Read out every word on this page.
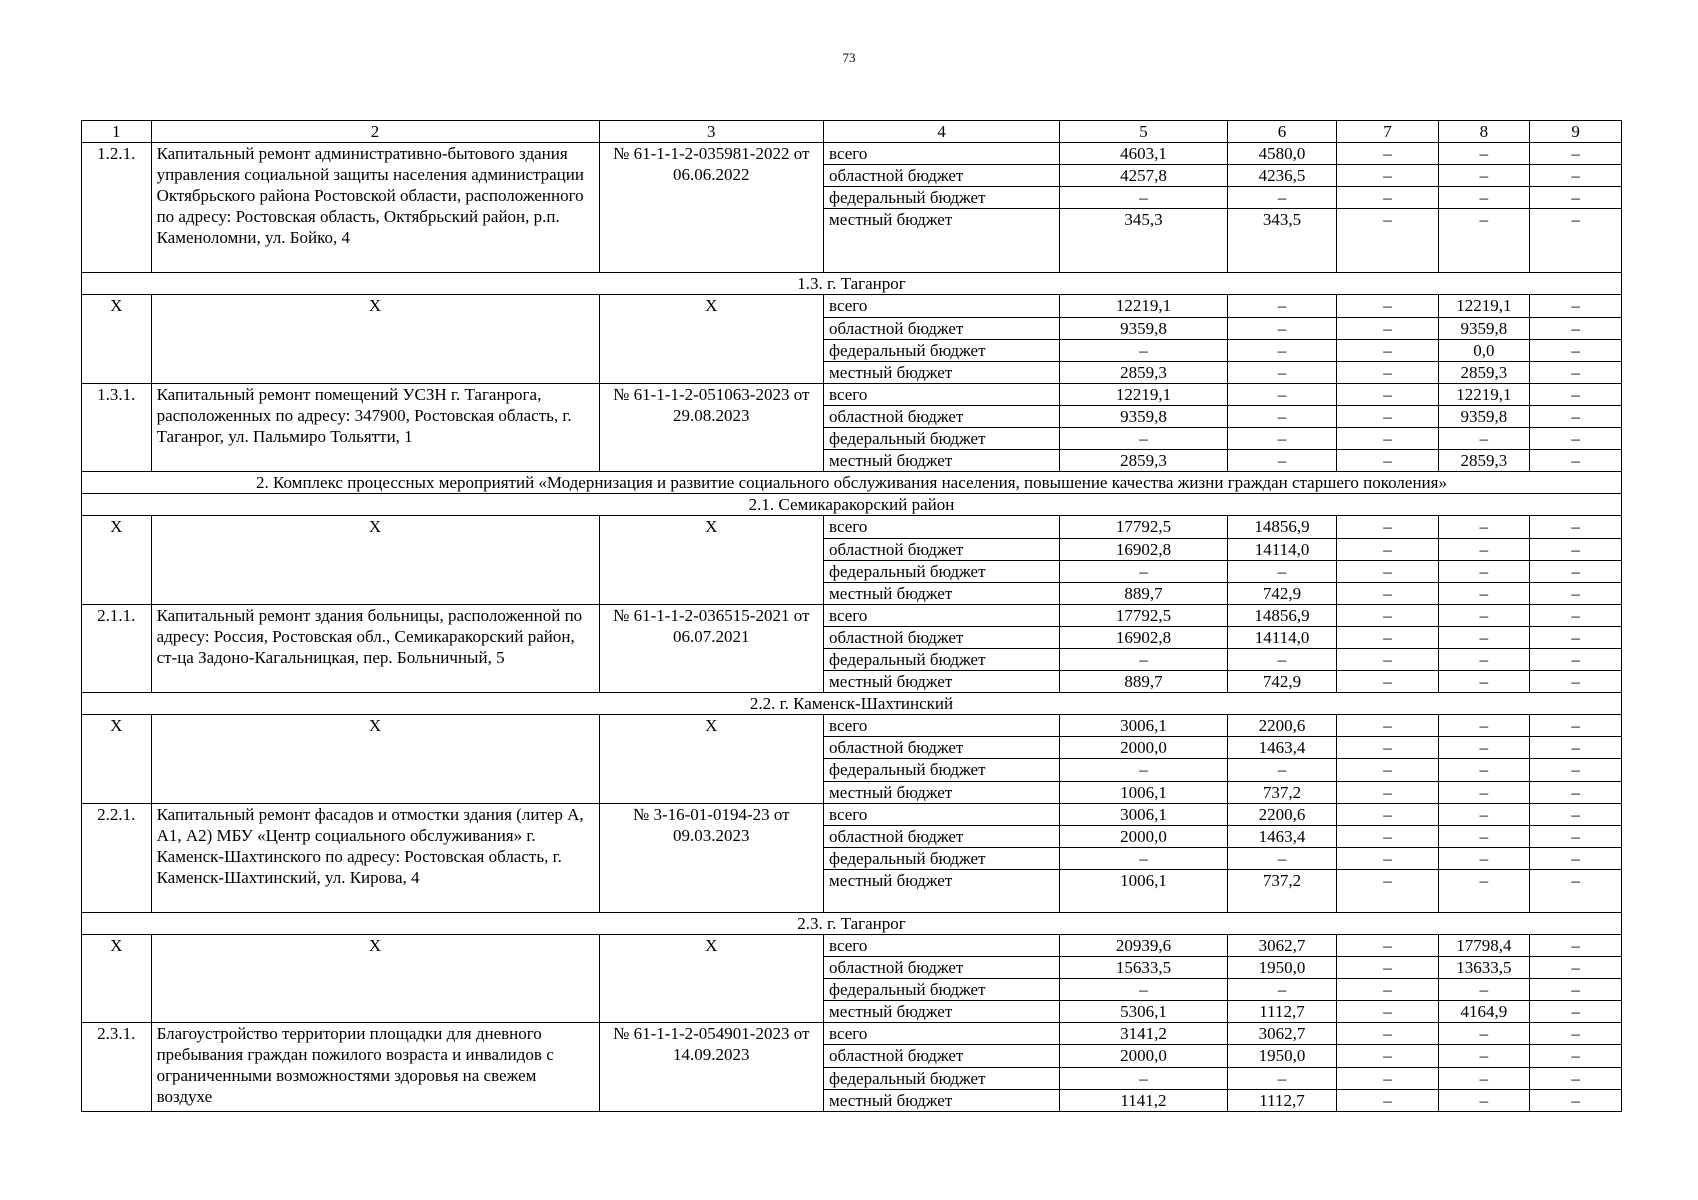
73
1	2	3	4	5	6	7	8	9
1.2.1.	Капитальный ремонт административно-бытового здания управления социальной защиты населения администрации Октябрьского района Ростовской области, расположенного по адресу: Ростовская область, Октябрьский район, р.п. Каменоломни, ул. Бойко, 4	№ 61-1-1-2-035981-2022 от 06.06.2022	всего	4603,1	4580,0	–	–	–
			областной бюджет	4257,8	4236,5	–	–	–
			федеральный бюджет	–	–	–	–	–
			местный бюджет	345,3	343,5	–	–	–
1.3. г. Таганрог								
Х	Х	Х	всего	12219,1	–	–	12219,1	–
			областной бюджет	9359,8	–	–	9359,8	–
			федеральный бюджет	–	–	–	0,0	–
			местный бюджет	2859,3	–	–	2859,3	–
1.3.1.	Капитальный ремонт помещений УСЗН г. Таганрога, расположенных по адресу: 347900, Ростовская область, г. Таганрог, ул. Пальмиро Тольятти, 1	№ 61-1-1-2-051063-2023 от 29.08.2023	всего	12219,1	–	–	12219,1	–
			областной бюджет	9359,8	–	–	9359,8	–
			федеральный бюджет	–	–	–	–	–
			местный бюджет	2859,3	–	–	2859,3	–
2. Комплекс процессных мероприятий «Модернизация и развитие социального обслуживания населения, повышение качества жизни граждан старшего поколения»								
2.1. Семикаракорский район								
Х	Х	Х	всего	17792,5	14856,9	–	–	–
			областной бюджет	16902,8	14114,0	–	–	–
			федеральный бюджет	–	–	–	–	–
			местный бюджет	889,7	742,9	–	–	–
2.1.1.	Капитальный ремонт здания больницы, расположенной по адресу: Россия, Ростовская обл., Семикаракорский район, ст-ца Задоно-Кагальницкая, пер. Больничный, 5	№ 61-1-1-2-036515-2021 от 06.07.2021	всего	17792,5	14856,9	–	–	–
			областной бюджет	16902,8	14114,0	–	–	–
			федеральный бюджет	–	–	–	–	–
			местный бюджет	889,7	742,9	–	–	–
2.2. г. Каменск-Шахтинский								
Х	Х	Х	всего	3006,1	2200,6	–	–	–
			областной бюджет	2000,0	1463,4	–	–	–
			федеральный бюджет	–	–	–	–	–
			местный бюджет	1006,1	737,2	–	–	–
2.2.1.	Капитальный ремонт фасадов и отмостки здания (литер А, А1, А2) МБУ «Центр социального обслуживания» г. Каменск-Шахтинского по адресу: Ростовская область, г. Каменск-Шахтинский, ул. Кирова, 4	№ 3-16-01-0194-23 от 09.03.2023	всего	3006,1	2200,6	–	–	–
			областной бюджет	2000,0	1463,4	–	–	–
			федеральный бюджет	–	–	–	–	–
			местный бюджет	1006,1	737,2	–	–	–
2.3. г. Таганрог								
Х	Х	Х	всего	20939,6	3062,7	–	17798,4	–
			областной бюджет	15633,5	1950,0	–	13633,5	–
			федеральный бюджет	–	–	–	–	–
			местный бюджет	5306,1	1112,7	–	4164,9	–
2.3.1.	Благоустройство территории площадки для дневного пребывания граждан пожилого возраста и инвалидов с ограниченными возможностями здоровья на свежем воздухе	№ 61-1-1-2-054901-2023 от 14.09.2023	всего	3141,2	3062,7	–	–	–
			областной бюджет	2000,0	1950,0	–	–	–
			федеральный бюджет	–	–	–	–	–
			местный бюджет	1141,2	1112,7	–	–	–
